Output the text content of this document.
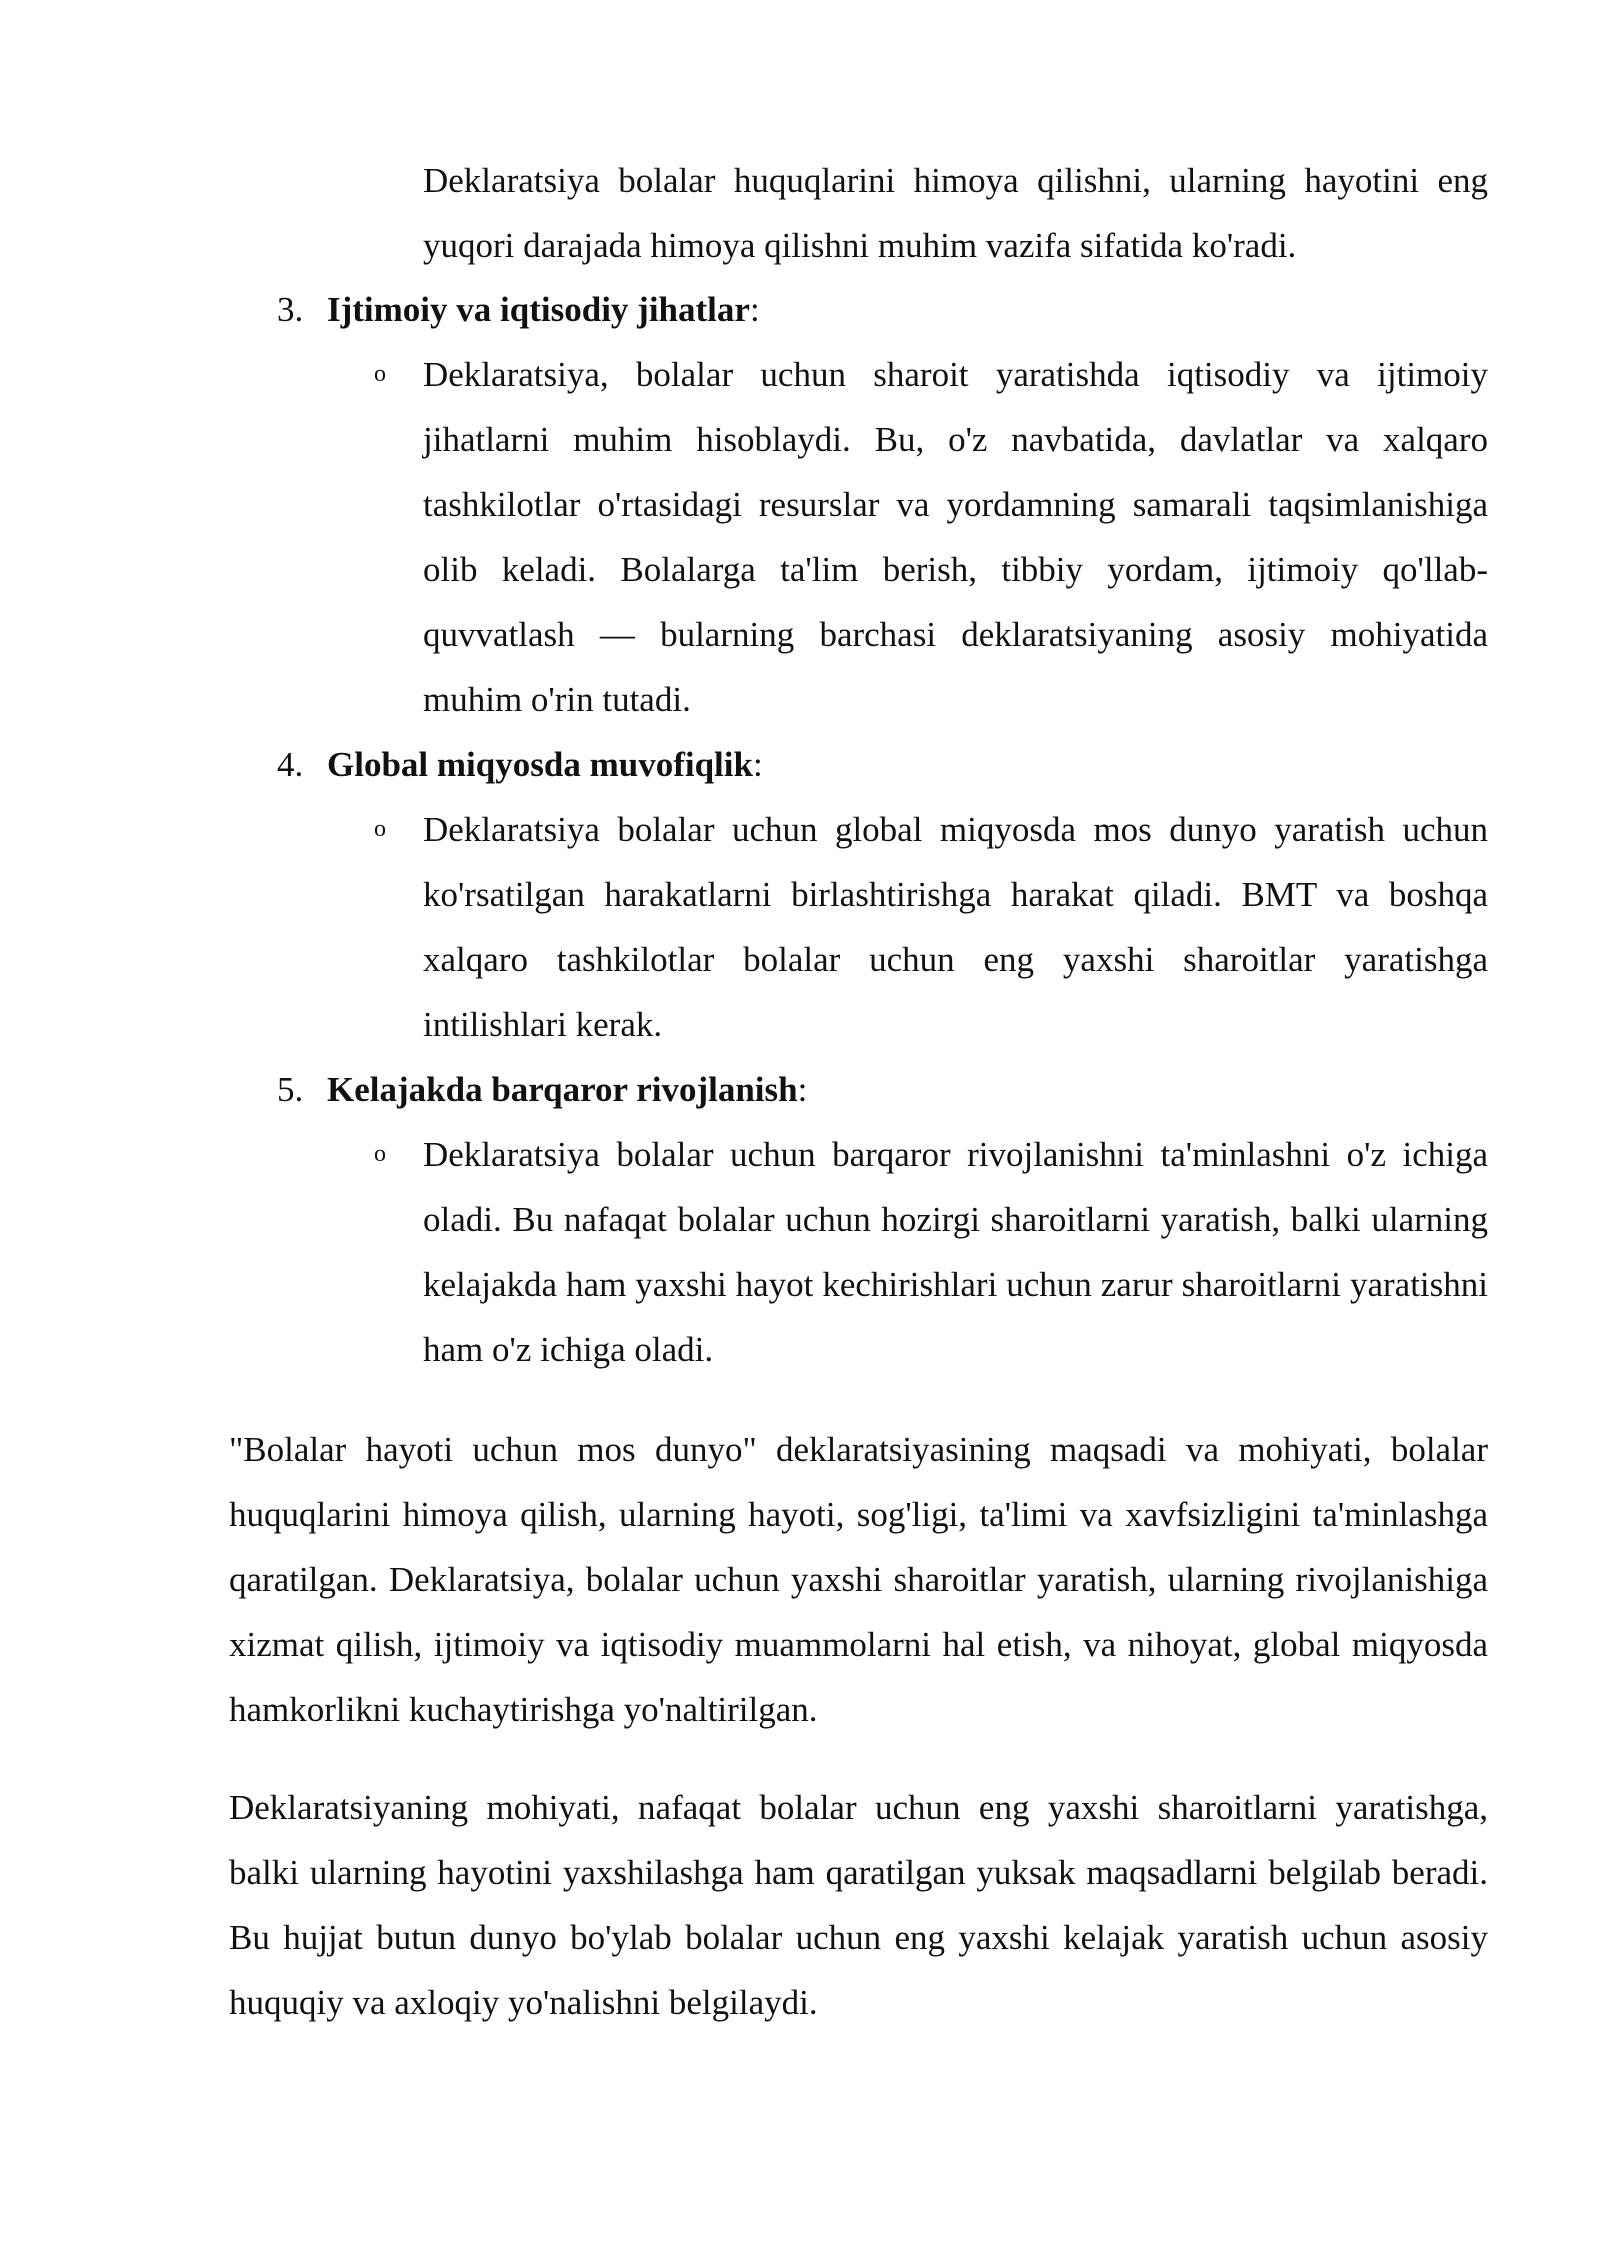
Deklaratsiya bolalar huquqlarini himoya qilishni, ularning hayotini eng yuqori darajada himoya qilishni muhim vazifa sifatida ko'radi.
3. Ijtimoiy va iqtisodiy jihatlar:
o Deklaratsiya, bolalar uchun sharoit yaratishda iqtisodiy va ijtimoiy jihatlarni muhim hisoblaydi. Bu, o'z navbatida, davlatlar va xalqaro tashkilotlar o'rtasidagi resurslar va yordamning samarali taqsimlanishiga olib keladi. Bolalarga ta'lim berish, tibbiy yordam, ijtimoiy qo'llab-quvvatlash — bularning barchasi deklaratsiyaning asosiy mohiyatida muhim o'rin tutadi.
4. Global miqyosda muvofiqlik:
o Deklaratsiya bolalar uchun global miqyosda mos dunyo yaratish uchun ko'rsatilgan harakatlarni birlashtirishga harakat qiladi. BMT va boshqa xalqaro tashkilotlar bolalar uchun eng yaxshi sharoitlar yaratishga intilishlari kerak.
5. Kelajakda barqaror rivojlanish:
o Deklaratsiya bolalar uchun barqaror rivojlanishni ta'minlashni o'z ichiga oladi. Bu nafaqat bolalar uchun hozirgi sharoitlarni yaratish, balki ularning kelajakda ham yaxshi hayot kechirishlari uchun zarur sharoitlarni yaratishni ham o'z ichiga oladi.

"Bolalar hayoti uchun mos dunyo" deklaratsiyasining maqsadi va mohiyati, bolalar huquqlarini himoya qilish, ularning hayoti, sog'ligi, ta'limi va xavfsizligini ta'minlashga qaratilgan. Deklaratsiya, bolalar uchun yaxshi sharoitlar yaratish, ularning rivojlanishiga xizmat qilish, ijtimoiy va iqtisodiy muammolarni hal etish, va nihoyat, global miqyosda hamkorlikni kuchaytirishga yo'naltirilgan.

Deklaratsiyaning mohiyati, nafaqat bolalar uchun eng yaxshi sharoitlarni yaratishga, balki ularning hayotini yaxshilashga ham qaratilgan yuksak maqsadlarni belgilab beradi. Bu hujjat butun dunyo bo'ylab bolalar uchun eng yaxshi kelajak yaratish uchun asosiy huquqiy va axloqiy yo'nalishni belgilaydi.
